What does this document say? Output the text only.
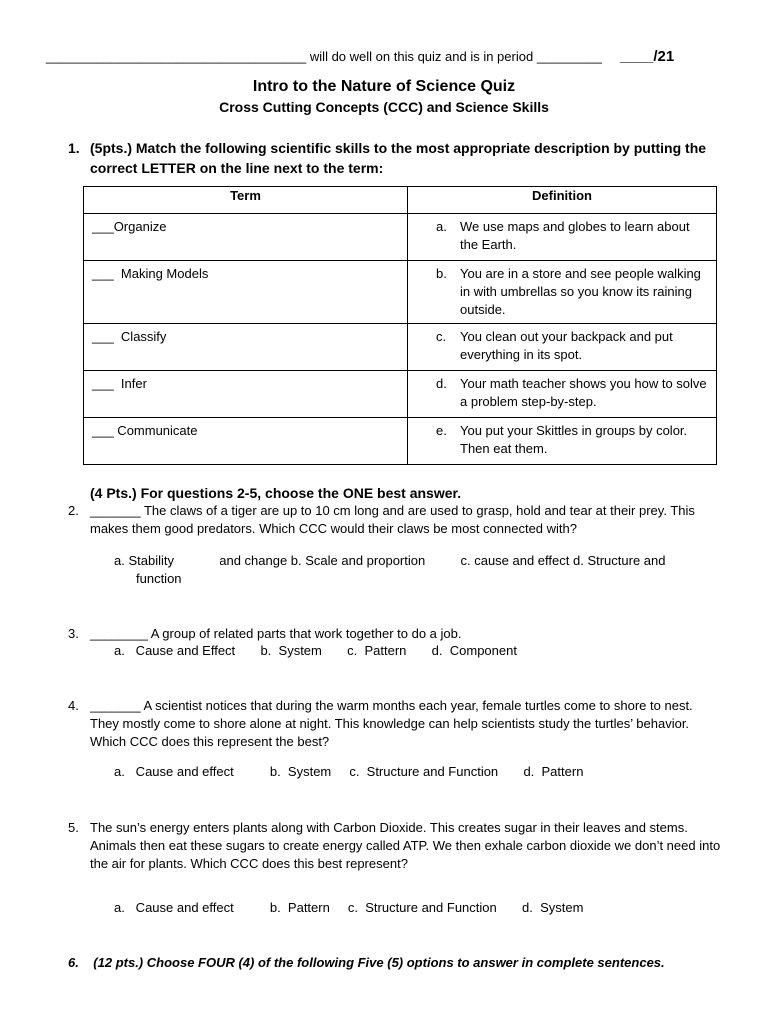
____________________________________ will do well on this quiz and is in period _________ ____/21
Intro to the Nature of Science Quiz
Cross Cutting Concepts (CCC) and Science Skills
1. (5pts.) Match the following scientific skills to the most appropriate description by putting the correct LETTER on the line next to the term:
Term	Definition
___Organize	a. We use maps and globes to learn about the Earth.

___  Making Models	b. You are in a store and see people walking in with umbrellas so you know its raining outside.

___  Classify	c. You clean out your backpack and put everything in its spot.

___  Infer	d. Your math teacher shows you how to solve a problem step-by-step.

___ Communicate	e. You put your Skittles in groups by color. Then eat them.
(4 Pts.) For questions 2-5, choose the ONE best answer.
2. _______ The claws of a tiger are up to 10 cm long and are used to grasp, hold and tear at their prey. This makes them good predators. Which CCC would their claws be most connected with?
a. Stability	and change b. Scale and proportion	c. cause and effect d. Structure and
function
3. ________ A group of related parts that work together to do a job.
a.   Cause and Effect       b.  System       c.  Pattern       d.  Component
4. _______ A scientist notices that during the warm months each year, female turtles come to shore to nest. They mostly come to shore alone at night. This knowledge can help scientists study the turtles’ behavior. Which CCC does this represent the best?
a.   Cause and effect          b.  System     c.  Structure and Function       d.  Pattern
5. The sun’s energy enters plants along with Carbon Dioxide. This creates sugar in their leaves and stems. Animals then eat these sugars to create energy called ATP. We then exhale carbon dioxide we don’t need into the air for plants. Which CCC does this best represent?
a.   Cause and effect          b.  Pattern     c.  Structure and Function       d.  System
6. (12 pts.) Choose FOUR (4) of the following Five (5) options to answer in complete sentences.
